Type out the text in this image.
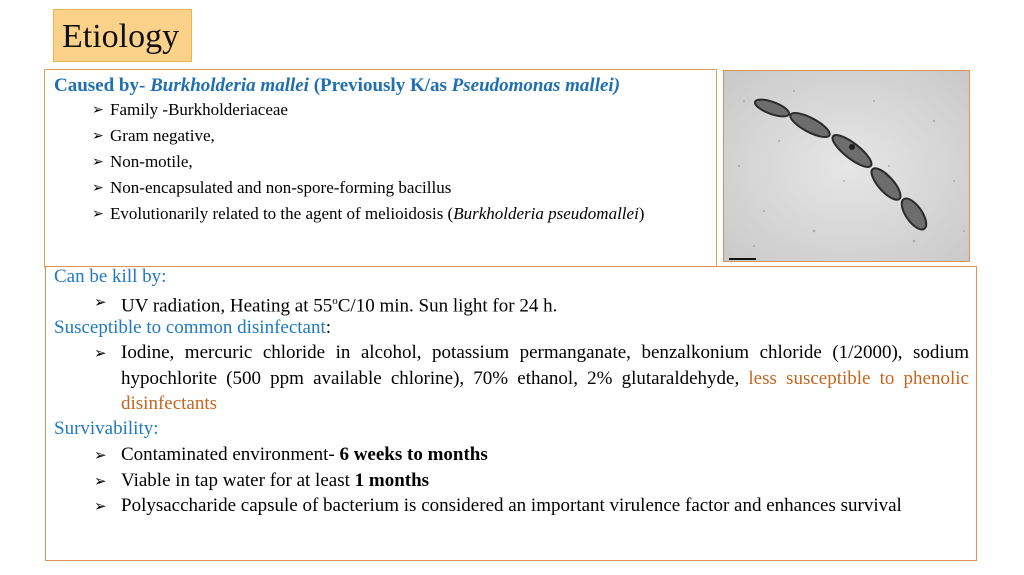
Etiology
Caused by- Burkholderia mallei (Previously K/as Pseudomonas mallei)
➢ Family -Burkholderiaceae
➢ Gram negative,
➢ Non-motile,
➢ Non-encapsulated and non-spore-forming bacillus
➢ Evolutionarily related to the agent of melioidosis (Burkholderia pseudomallei)
Can be kill by:
➢ UV radiation, Heating at 55$^o$C/10 min. Sun light for 24 h.
Susceptible to common disinfectant:
➢ Iodine, mercuric chloride in alcohol, potassium permanganate, benzalkonium chloride (1/2000), sodium hypochlorite (500 ppm available chlorine), 70% ethanol, 2% glutaraldehyde, less susceptible to phenolic disinfectants
Survivability:
➢ Contaminated environment- 6 weeks to months
➢ Viable in tap water for at least 1 months
➢ Polysaccharide capsule of bacterium is considered an important virulence factor and enhances survival
